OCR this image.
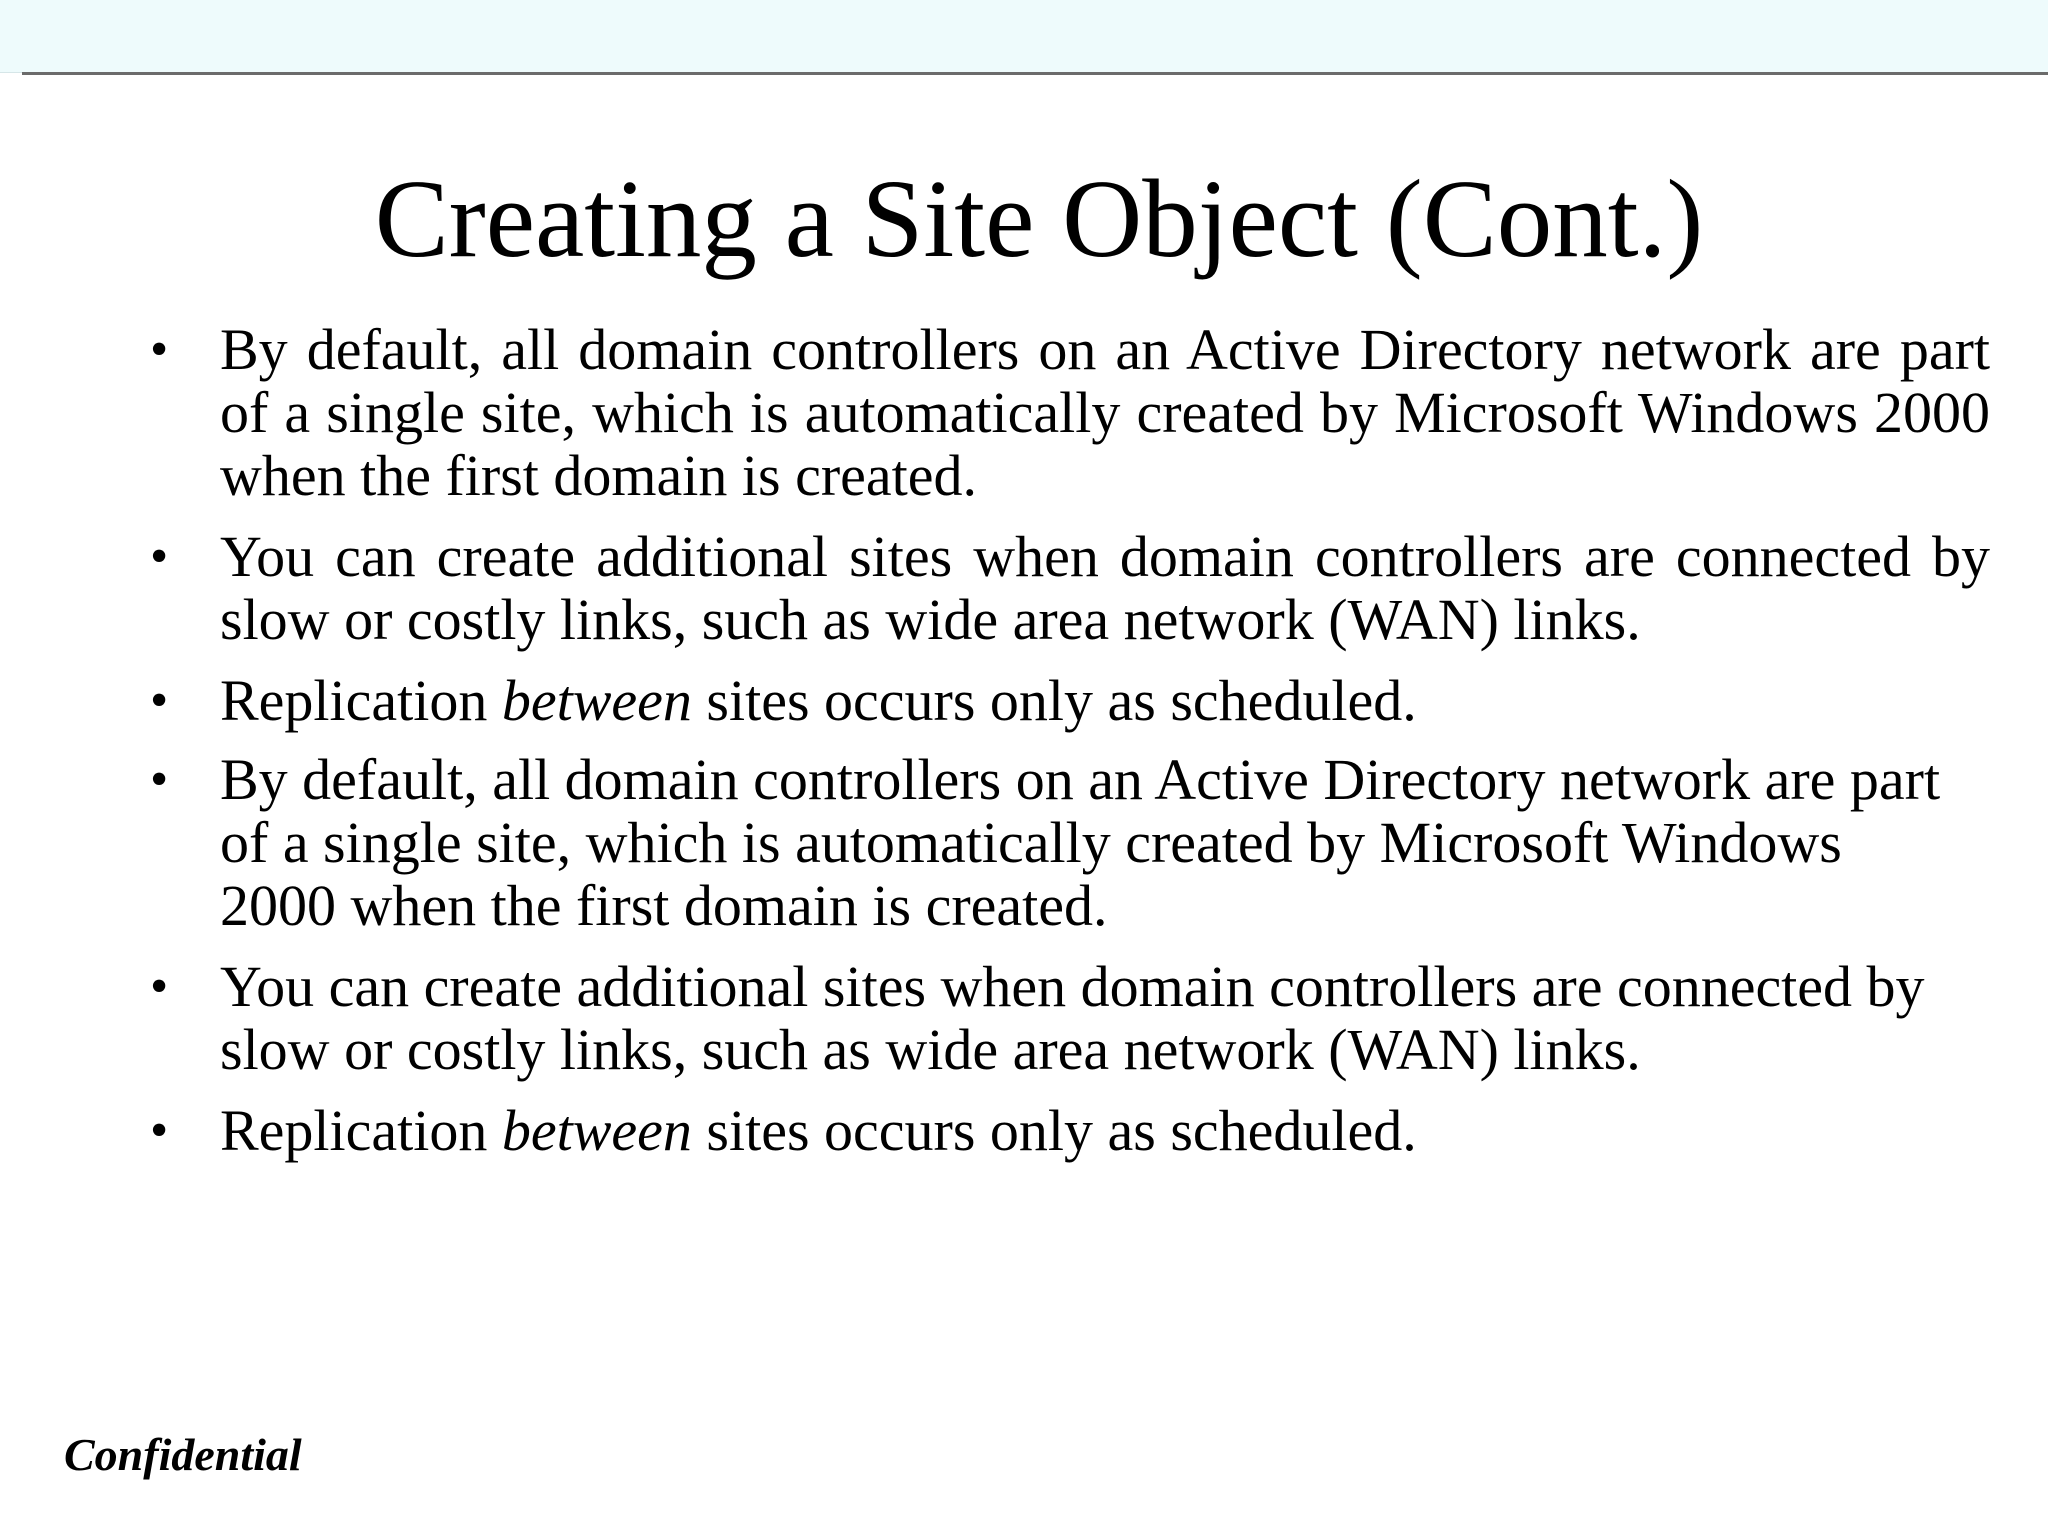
Creating a Site Object (Cont.)
• By default, all domain controllers on an Active Directory network are part of a single site, which is automatically created by Microsoft Windows 2000 when the first domain is created.
• You can create additional sites when domain controllers are connected by slow or costly links, such as wide area network (WAN) links.
• Replication between sites occurs only as scheduled.
• By default, all domain controllers on an Active Directory network are part of a single site, which is automatically created by Microsoft Windows 2000 when the first domain is created.
• You can create additional sites when domain controllers are connected by slow or costly links, such as wide area network (WAN) links.
• Replication between sites occurs only as scheduled.
Confidential
